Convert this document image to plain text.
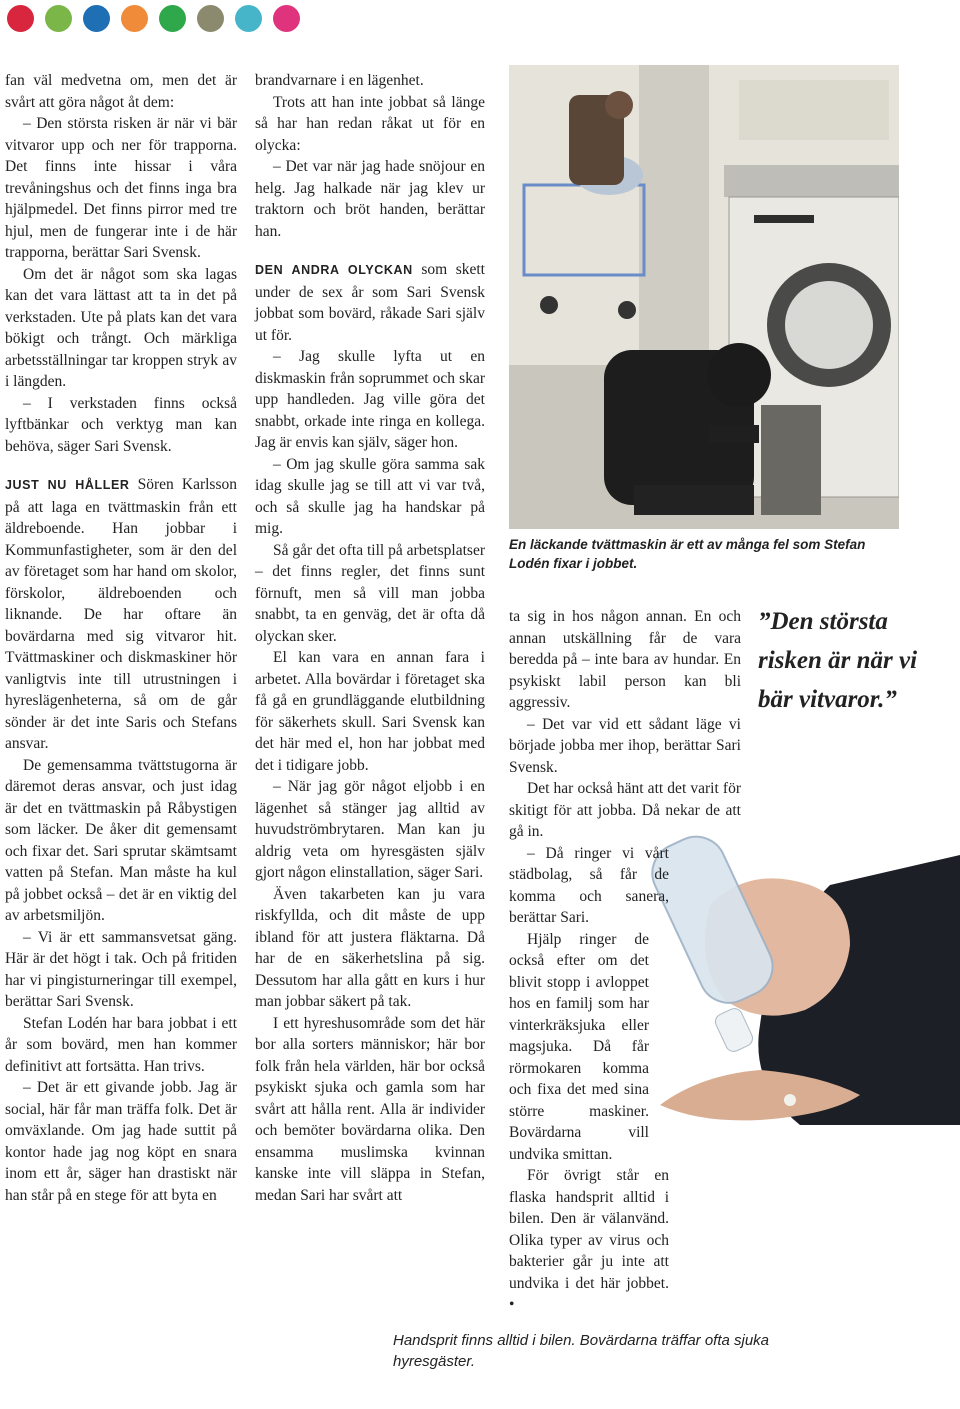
fan väl medvetna om, men det är svårt att göra något åt dem:

– Den största risken är när vi bär vitvaror upp och ner för trapporna. Det finns inte hissar i våra trevåningshus och det finns inga bra hjälpmedel. Det finns pirror med tre hjul, men de fungerar inte i de här trapporna, berättar Sari Svensk.

Om det är något som ska lagas kan det vara lättast att ta in det på verkstaden. Ute på plats kan det vara bökigt och trångt. Och märkliga arbetsställningar tar kroppen stryk av i längden.

– I verkstaden finns också lyftbänkar och verktyg man kan behöva, säger Sari Svensk.

JUST NU HÅLLER Sören Karlsson på att laga en tvättmaskin från ett äldreboende. Han jobbar i Kommunfastigheter, som är den del av företaget som har hand om skolor, förskolor, äldreboenden och liknande. De har oftare än bovärdarna med sig vitvaror hit. Tvättmaskiner och diskmaskiner hör vanligtvis inte till utrustningen i hyreslägenheterna, så om de går sönder är det inte Saris och Stefans ansvar.

De gemensamma tvättstugorna är däremot deras ansvar, och just idag är det en tvättmaskin på Råbystigen som läcker. De åker dit gemensamt och fixar det. Sari sprutar skämtsamt vatten på Stefan. Man måste ha kul på jobbet också – det är en viktig del av arbetsmiljön.

– Vi är ett sammansvetsat gäng. Här är det högt i tak. Och på fritiden har vi pingisturneringar till exempel, berättar Sari Svensk.

Stefan Lodén har bara jobbat i ett år som bovärd, men han kommer definitivt att fortsätta. Han trivs.

– Det är ett givande jobb. Jag är social, här får man träffa folk. Det är omväxlande. Om jag hade suttit på kontor hade jag nog köpt en snara inom ett år, säger han drastiskt när han står på en stege för att byta en

brandvarnare i en lägenhet.

Trots att han inte jobbat så länge så har han redan råkat ut för en olycka:

– Det var när jag hade snöjour en helg. Jag halkade när jag klev ur traktorn och bröt handen, berättar han.

DEN ANDRA OLYCKAN som skett under de sex år som Sari Svensk jobbat som bovärd, råkade Sari själv ut för.

– Jag skulle lyfta ut en diskmaskin från soprummet och skar upp handleden. Jag ville göra det snabbt, orkade inte ringa en kollega. Jag är envis kan själv, säger hon.

– Om jag skulle göra samma sak idag skulle jag se till att vi var två, och så skulle jag ha handskar på mig.

Så går det ofta till på arbetsplatser – det finns regler, det finns sunt förnuft, men så vill man jobba snabbt, ta en genväg, det är ofta då olyckan sker.

El kan vara en annan fara i arbetet. Alla bovärdar i företaget ska få gå en grundläggande elutbildning för säkerhets skull. Sari Svensk kan det här med el, hon har jobbat med det i tidigare jobb.

– När jag gör något eljobb i en lägenhet så stänger jag alltid av huvudströmbrytaren. Man kan ju aldrig veta om hyresgästen själv gjort någon elinstallation, säger Sari.

Även takarbeten kan ju vara riskfyllda, och dit måste de upp ibland för att justera fläktarna. Då har de en säkerhetslina på sig. Dessutom har alla gått en kurs i hur man jobbar säkert på tak.

I ett hyreshusområde som det här bor alla sorters människor; här bor folk från hela världen, här bor också psykiskt sjuka och gamla som har svårt att hålla rent. Alla är individer och bemöter bovärdarna olika. Den ensamma muslimska kvinnan kanske inte vill släppa in Stefan, medan Sari har svårt att

En läckande tvättmaskin är ett av många fel som Stefan Lodén fixar i jobbet.
”Den största risken är när vi bär vitvaror.”

ta sig in hos någon annan. En och annan utskällning får de vara beredda på – inte bara av hundar. En psykiskt labil person kan bli aggressiv.

– Det var vid ett sådant läge vi började jobba mer ihop, berättar Sari Svensk.

Det har också hänt att det varit för skitigt för att jobba. Då nekar de att gå in.

– Då ringer vi vårt städbolag, så får de komma och sanera, berättar Sari.

Hjälp ringer de också efter om det blivit stopp i avloppet hos en familj som har vinterkräksjuka eller magsjuka. Då får rörmokaren komma och fixa det med sina större maskiner. Bovärdarna vill undvika smittan.

För övrigt står en flaska handsprit alltid i bilen. Den är välanvänd. Olika typer av virus och bakterier går ju inte att undvika i det här jobbet. •

Handsprit finns alltid i bilen. Bovärdarna träffar ofta sjuka hyresgäster.
